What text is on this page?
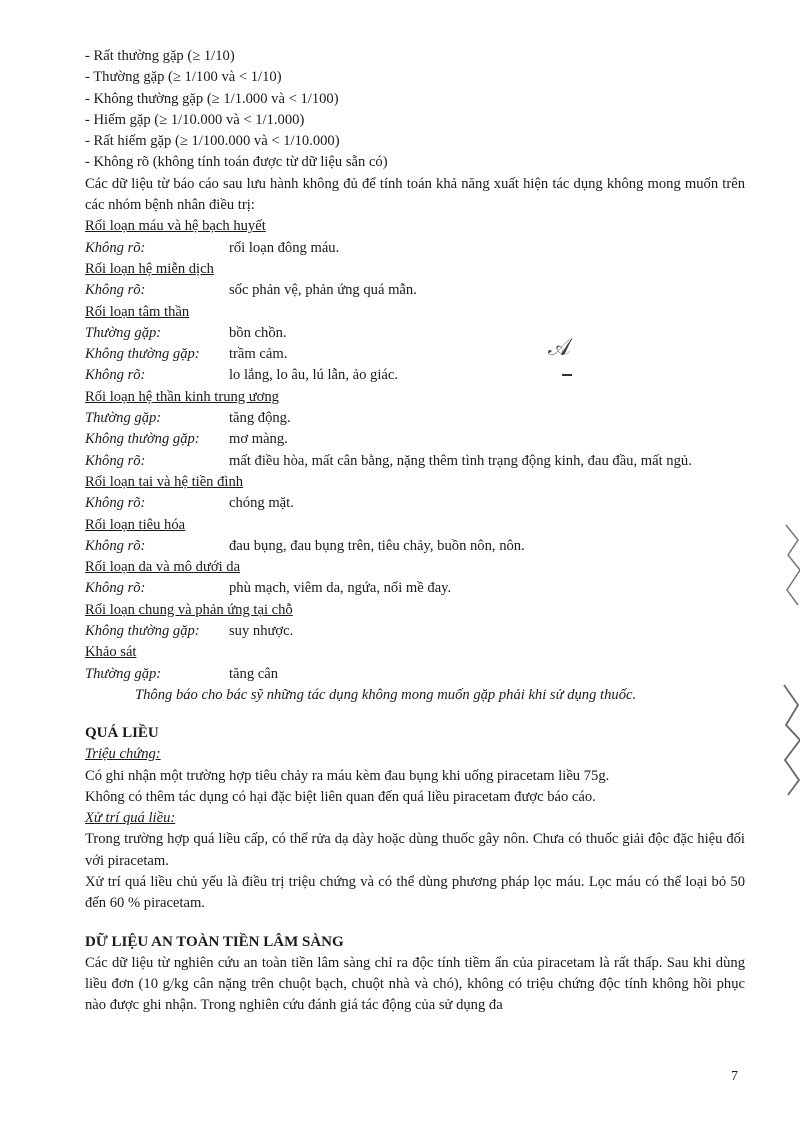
- Rất thường gặp (≥ 1/10)
- Thường gặp (≥ 1/100 và < 1/10)
- Không thường gặp (≥ 1/1.000 và < 1/100)
- Hiếm gặp (≥ 1/10.000 và < 1/1.000)
- Rất hiếm gặp (≥ 1/100.000 và < 1/10.000)
- Không rõ (không tính toán được từ dữ liệu sẵn có)
Các dữ liệu từ báo cáo sau lưu hành không đủ để tính toán khả năng xuất hiện tác dụng không mong muốn trên các nhóm bệnh nhân điều trị:
Rối loạn máu và hệ bạch huyết
Không rõ:	rối loạn đông máu.
Rối loạn hệ miễn dịch
Không rõ:	sốc phản vệ, phản ứng quá mẫn.
Rối loạn tâm thần
Thường gặp:	bồn chồn.
Không thường gặp:	trầm cảm.
Không rõ:	lo lắng, lo âu, lú lẫn, ảo giác.
Rối loạn hệ thần kinh trung ương
Thường gặp:	tăng động.
Không thường gặp:	mơ màng.
Không rõ:	mất điều hòa, mất cân bằng, nặng thêm tình trạng động kinh, đau đầu, mất ngủ.
Rối loạn tai và hệ tiền đình
Không rõ:	chóng mặt.
Rối loạn tiêu hóa
Không rõ:	đau bụng, đau bụng trên, tiêu chảy, buồn nôn, nôn.
Rối loạn da và mô dưới da
Không rõ:	phù mạch, viêm da, ngứa, nổi mề đay.
Rối loạn chung và phản ứng tại chỗ
Không thường gặp:	suy nhược.
Khảo sát
Thường gặp:	tăng cân
Thông báo cho bác sỹ những tác dụng không mong muốn gặp phải khi sử dụng thuốc.
QUÁ LIỀU
Triệu chứng:
Có ghi nhận một trường hợp tiêu chảy ra máu kèm đau bụng khi uống piracetam liều 75g.
Không có thêm tác dụng có hại đặc biệt liên quan đến quá liều piracetam được báo cáo.
Xử trí quá liều:
Trong trường hợp quá liều cấp, có thể rửa dạ dày hoặc dùng thuốc gây nôn. Chưa có thuốc giải độc đặc hiệu đối với piracetam.
Xử trí quá liều chủ yếu là điều trị triệu chứng và có thể dùng phương pháp lọc máu. Lọc máu có thể loại bỏ 50 đến 60 % piracetam.
DỮ LIỆU AN TOÀN TIỀN LÂM SÀNG
Các dữ liệu từ nghiên cứu an toàn tiền lâm sàng chỉ ra độc tính tiềm ẩn của piracetam là rất thấp. Sau khi dùng liều đơn (10 g/kg cân nặng trên chuột bạch, chuột nhà và chó), không có triệu chứng độc tính không hồi phục nào được ghi nhận. Trong nghiên cứu đánh giá tác động của sử dụng đa
𝒜
7
